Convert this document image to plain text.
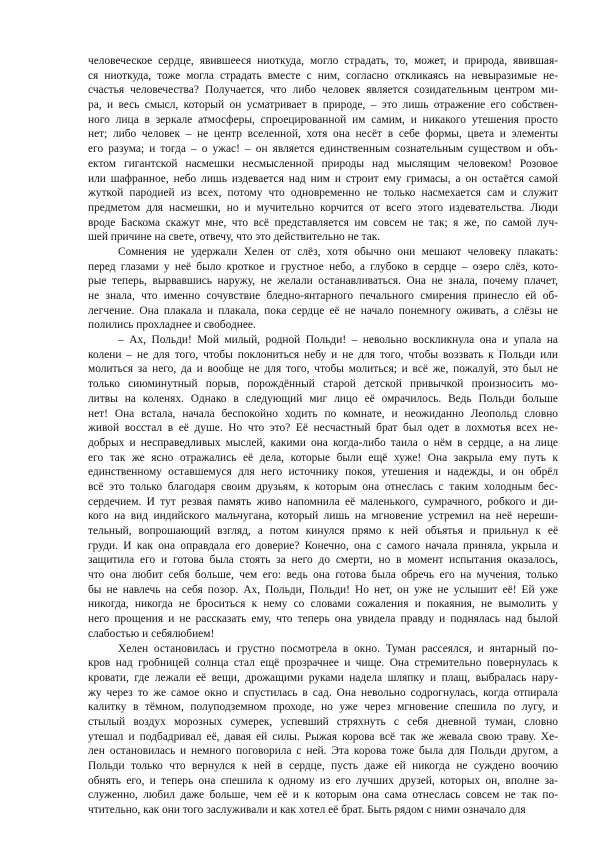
человеческое сердце, явившееся ниоткуда, могло страдать, то, может, и природа, явившая-
ся ниоткуда, тоже могла страдать вместе с ним, согласно откликаясь на невыразимые не-
счастья человечества? Получается, что либо человек является созидательным центром ми-
ра, и весь смысл, который он усматривает в природе, – это лишь отражение его собствен-
ного лица в зеркале атмосферы, спроецированной им самим, и никакого утешения просто
нет; либо человек – не центр вселенной, хотя она несёт в себе формы, цвета и элементы
его разума; и тогда – о ужас! – он является единственным сознательным существом и объ-
ектом гигантской насмешки несмысленной природы над мыслящим человеком! Розовое
или шафранное, небо лишь издевается над ним и строит ему гримасы, а он остаётся самой
жуткой пародией из всех, потому что одновременно не только насмехается сам и служит
предметом для насмешки, но и мучительно корчится от всего этого издевательства. Люди
вроде Баскома скажут мне, что всё представляется им совсем не так; я же, по самой луч-
шей причине на свете, отвечу, что это действительно не так.
Сомнения не удержали Хелен от слёз, хотя обычно они мешают человеку плакать:
перед глазами у неё было кроткое и грустное небо, а глубоко в сердце – озеро слёз, кото-
рые теперь, вырвавшись наружу, не желали останавливаться. Она не знала, почему плачет,
не знала, что именно сочувствие бледно-янтарного печального смирения принесло ей об-
легчение. Она плакала и плакала, пока сердце её не начало понемногу оживать, а слёзы не
полились прохладнее и свободнее.
– Ах, Польди! Мой милый, родной Польди! – невольно воскликнула она и упала на
колени – не для того, чтобы поклониться небу и не для того, чтобы воззвать к Польди или
молиться за него, да и вообще не для того, чтобы молиться; и всё же, пожалуй, это был не
только сиюминутный порыв, порождённый старой детской привычкой произносить мо-
литвы на коленях. Однако в следующий миг лицо её омрачилось. Ведь Польди больше
нет! Она встала, начала беспокойно ходить по комнате, и неожиданно Леопольд словно
живой восстал в её душе. Но что это? Её несчастный брат был одет в лохмотья всех не-
добрых и несправедливых мыслей, какими она когда-либо таила о нём в сердце, а на лице
его так же ясно отражались её дела, которые были ещё хуже! Она закрыла ему путь к
единственному оставшемуся для него источнику покоя, утешения и надежды, и он обрёл
всё это только благодаря своим друзьям, к которым она отнеслась с таким холодным бес-
сердечием. И тут резвая память живо напомнила её маленького, сумрачного, робкого и ди-
кого на вид индийского мальчугана, который лишь на мгновение устремил на неё нереши-
тельный, вопрошающий взгляд, а потом кинулся прямо к ней объятья и прильнул к её
груди. И как она оправдала его доверие? Конечно, она с самого начала приняла, укрыла и
защитила его и готова была стоять за него до смерти, но в момент испытания оказалось,
что она любит себя больше, чем его: ведь она готова была обречь его на мучения, только
бы не навлечь на себя позор. Ах, Польди, Польди! Но нет, он уже не услышит её! Ей уже
никогда, никогда не броситься к нему со словами сожаления и покаяния, не вымолить у
него прощения и не рассказать ему, что теперь она увидела правду и поднялась над былой
слабостью и себялюбием!
Хелен остановилась и грустно посмотрела в окно. Туман рассеялся, и янтарный по-
кров над гробницей солнца стал ещё прозрачнее и чище. Она стремительно повернулась к
кровати, где лежали её вещи, дрожащими руками надела шляпку и плащ, выбралась нару-
жу через то же самое окно и спустилась в сад. Она невольно содрогнулась, когда отпирала
калитку в тёмном, полуподземном проходе, но уже через мгновение спешила по лугу, и
стылый воздух морозных сумерек, успевший стряхнуть с себя дневной туман, словно
утешал и подбадривал её, давая ей силы. Рыжая корова всё так же жевала свою траву. Хе-
лен остановилась и немного поговорила с ней. Эта корова тоже была для Польди другом, а
Польди только что вернулся к ней в сердце, пусть даже ей никогда не суждено воочию
обнять его, и теперь она спешила к одному из его лучших друзей, которых он, вполне за-
служенно, любил даже больше, чем её и к которым она сама отнеслась совсем не так по-
чтительно, как они того заслуживали и как хотел её брат. Быть рядом с ними означало для
